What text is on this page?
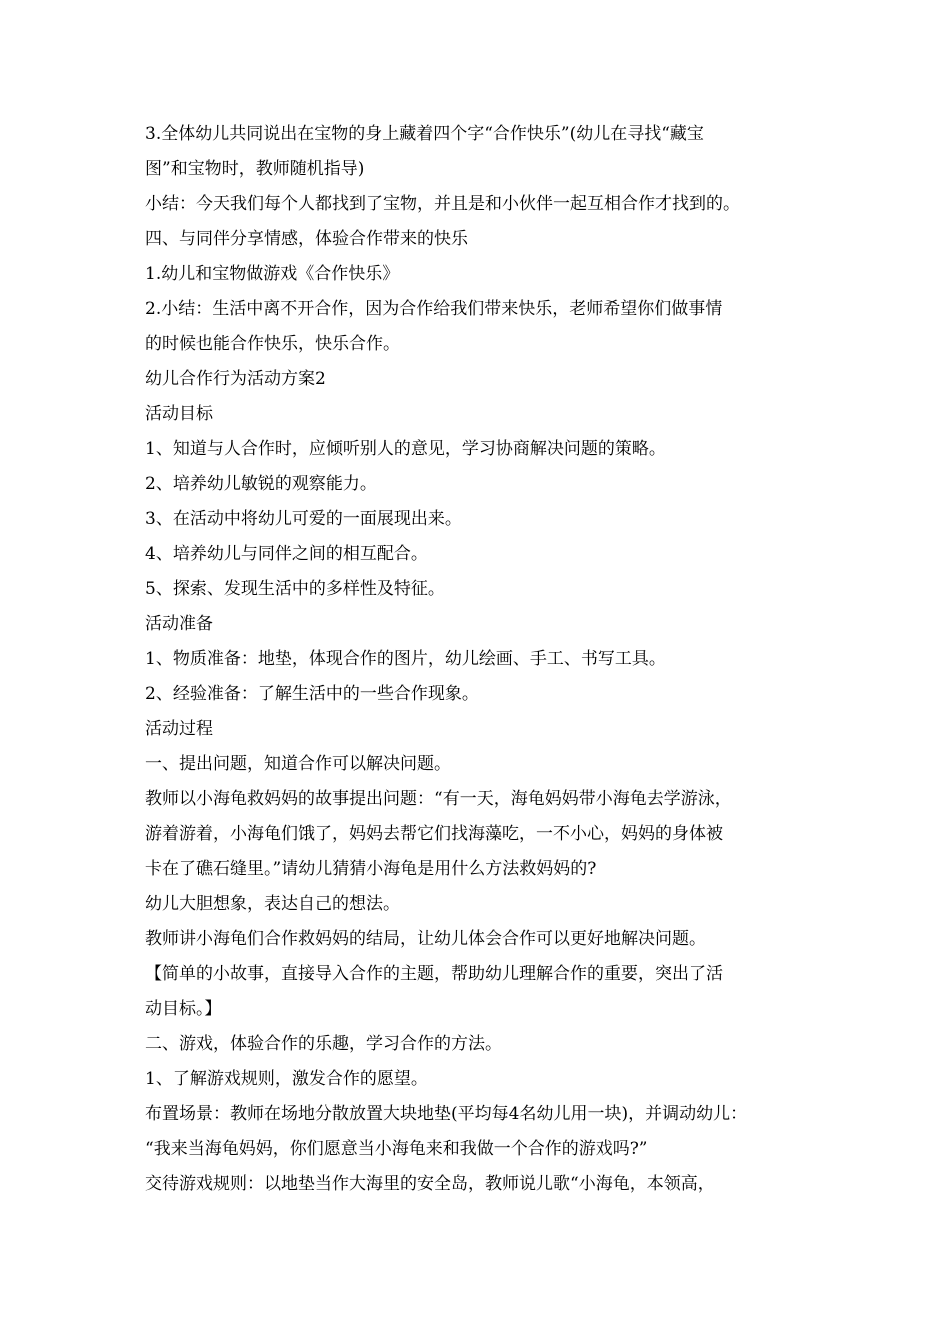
3.全体幼儿共同说出在宝物的身上藏着四个字“合作快乐”(幼儿在寻找“藏宝
图”和宝物时，教师随机指导)
小结：今天我们每个人都找到了宝物，并且是和小伙伴一起互相合作才找到的。
四、与同伴分享情感，体验合作带来的快乐
1.幼儿和宝物做游戏《合作快乐》
2.小结：生活中离不开合作，因为合作给我们带来快乐，老师希望你们做事情
的时候也能合作快乐，快乐合作。
幼儿合作行为活动方案2
活动目标
1、知道与人合作时，应倾听别人的意见，学习协商解决问题的策略。
2、培养幼儿敏锐的观察能力。
3、在活动中将幼儿可爱的一面展现出来。
4、培养幼儿与同伴之间的相互配合。
5、探索、发现生活中的多样性及特征。
活动准备
1、物质准备：地垫，体现合作的图片，幼儿绘画、手工、书写工具。
2、经验准备：了解生活中的一些合作现象。
活动过程
一、提出问题，知道合作可以解决问题。
教师以小海龟救妈妈的故事提出问题：“有一天，海龟妈妈带小海龟去学游泳，
游着游着，小海龟们饿了，妈妈去帮它们找海藻吃，一不小心，妈妈的身体被
卡在了礁石缝里。”请幼儿猜猜小海龟是用什么方法救妈妈的?
幼儿大胆想象，表达自己的想法。
教师讲小海龟们合作救妈妈的结局，让幼儿体会合作可以更好地解决问题。
【简单的小故事，直接导入合作的主题，帮助幼儿理解合作的重要，突出了活
动目标。】
二、游戏，体验合作的乐趣，学习合作的方法。
1、了解游戏规则，激发合作的愿望。
布置场景：教师在场地分散放置大块地垫(平均每4名幼儿用一块)，并调动幼儿：
“我来当海龟妈妈，你们愿意当小海龟来和我做一个合作的游戏吗?”
交待游戏规则：以地垫当作大海里的安全岛，教师说儿歌“小海龟，本领高，
